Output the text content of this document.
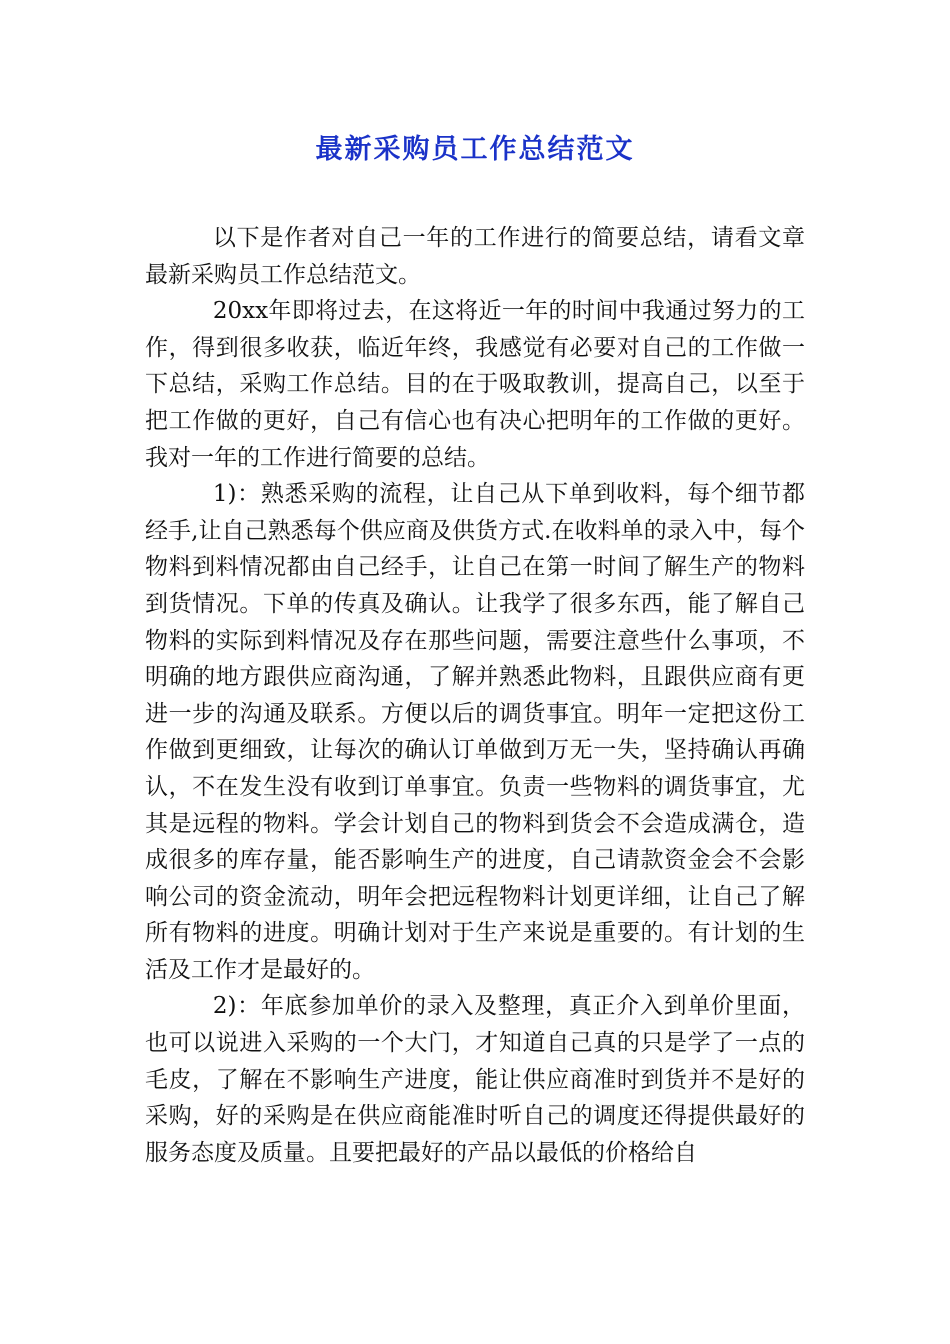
最新采购员工作总结范文

以下是作者对自己一年的工作进行的简要总结，请看文章最新采购员工作总结范文。

20xx年即将过去，在这将近一年的时间中我通过努力的工作，得到很多收获，临近年终，我感觉有必要对自己的工作做一下总结，采购工作总结。目的在于吸取教训，提高自己，以至于把工作做的更好，自己有信心也有决心把明年的工作做的更好。我对一年的工作进行简要的总结。

1)：熟悉采购的流程，让自己从下单到收料，每个细节都经手,让自己熟悉每个供应商及供货方式.在收料单的录入中，每个物料到料情况都由自己经手，让自己在第一时间了解生产的物料到货情况。下单的传真及确认。让我学了很多东西，能了解自己物料的实际到料情况及存在那些问题，需要注意些什么事项，不明确的地方跟供应商沟通，了解并熟悉此物料，且跟供应商有更进一步的沟通及联系。方便以后的调货事宜。明年一定把这份工作做到更细致，让每次的确认订单做到万无一失，坚持确认再确认，不在发生没有收到订单事宜。负责一些物料的调货事宜，尤其是远程的物料。学会计划自己的物料到货会不会造成满仓，造成很多的库存量，能否影响生产的进度，自己请款资金会不会影响公司的资金流动，明年会把远程物料计划更详细，让自己了解所有物料的进度。明确计划对于生产来说是重要的。有计划的生活及工作才是最好的。

2)：年底参加单价的录入及整理，真正介入到单价里面，也可以说进入采购的一个大门，才知道自己真的只是学了一点的毛皮，了解在不影响生产进度，能让供应商准时到货并不是好的采购，好的采购是在供应商能准时听自己的调度还得提供最好的服务态度及质量。且要把最好的产品以最低的价格给自
